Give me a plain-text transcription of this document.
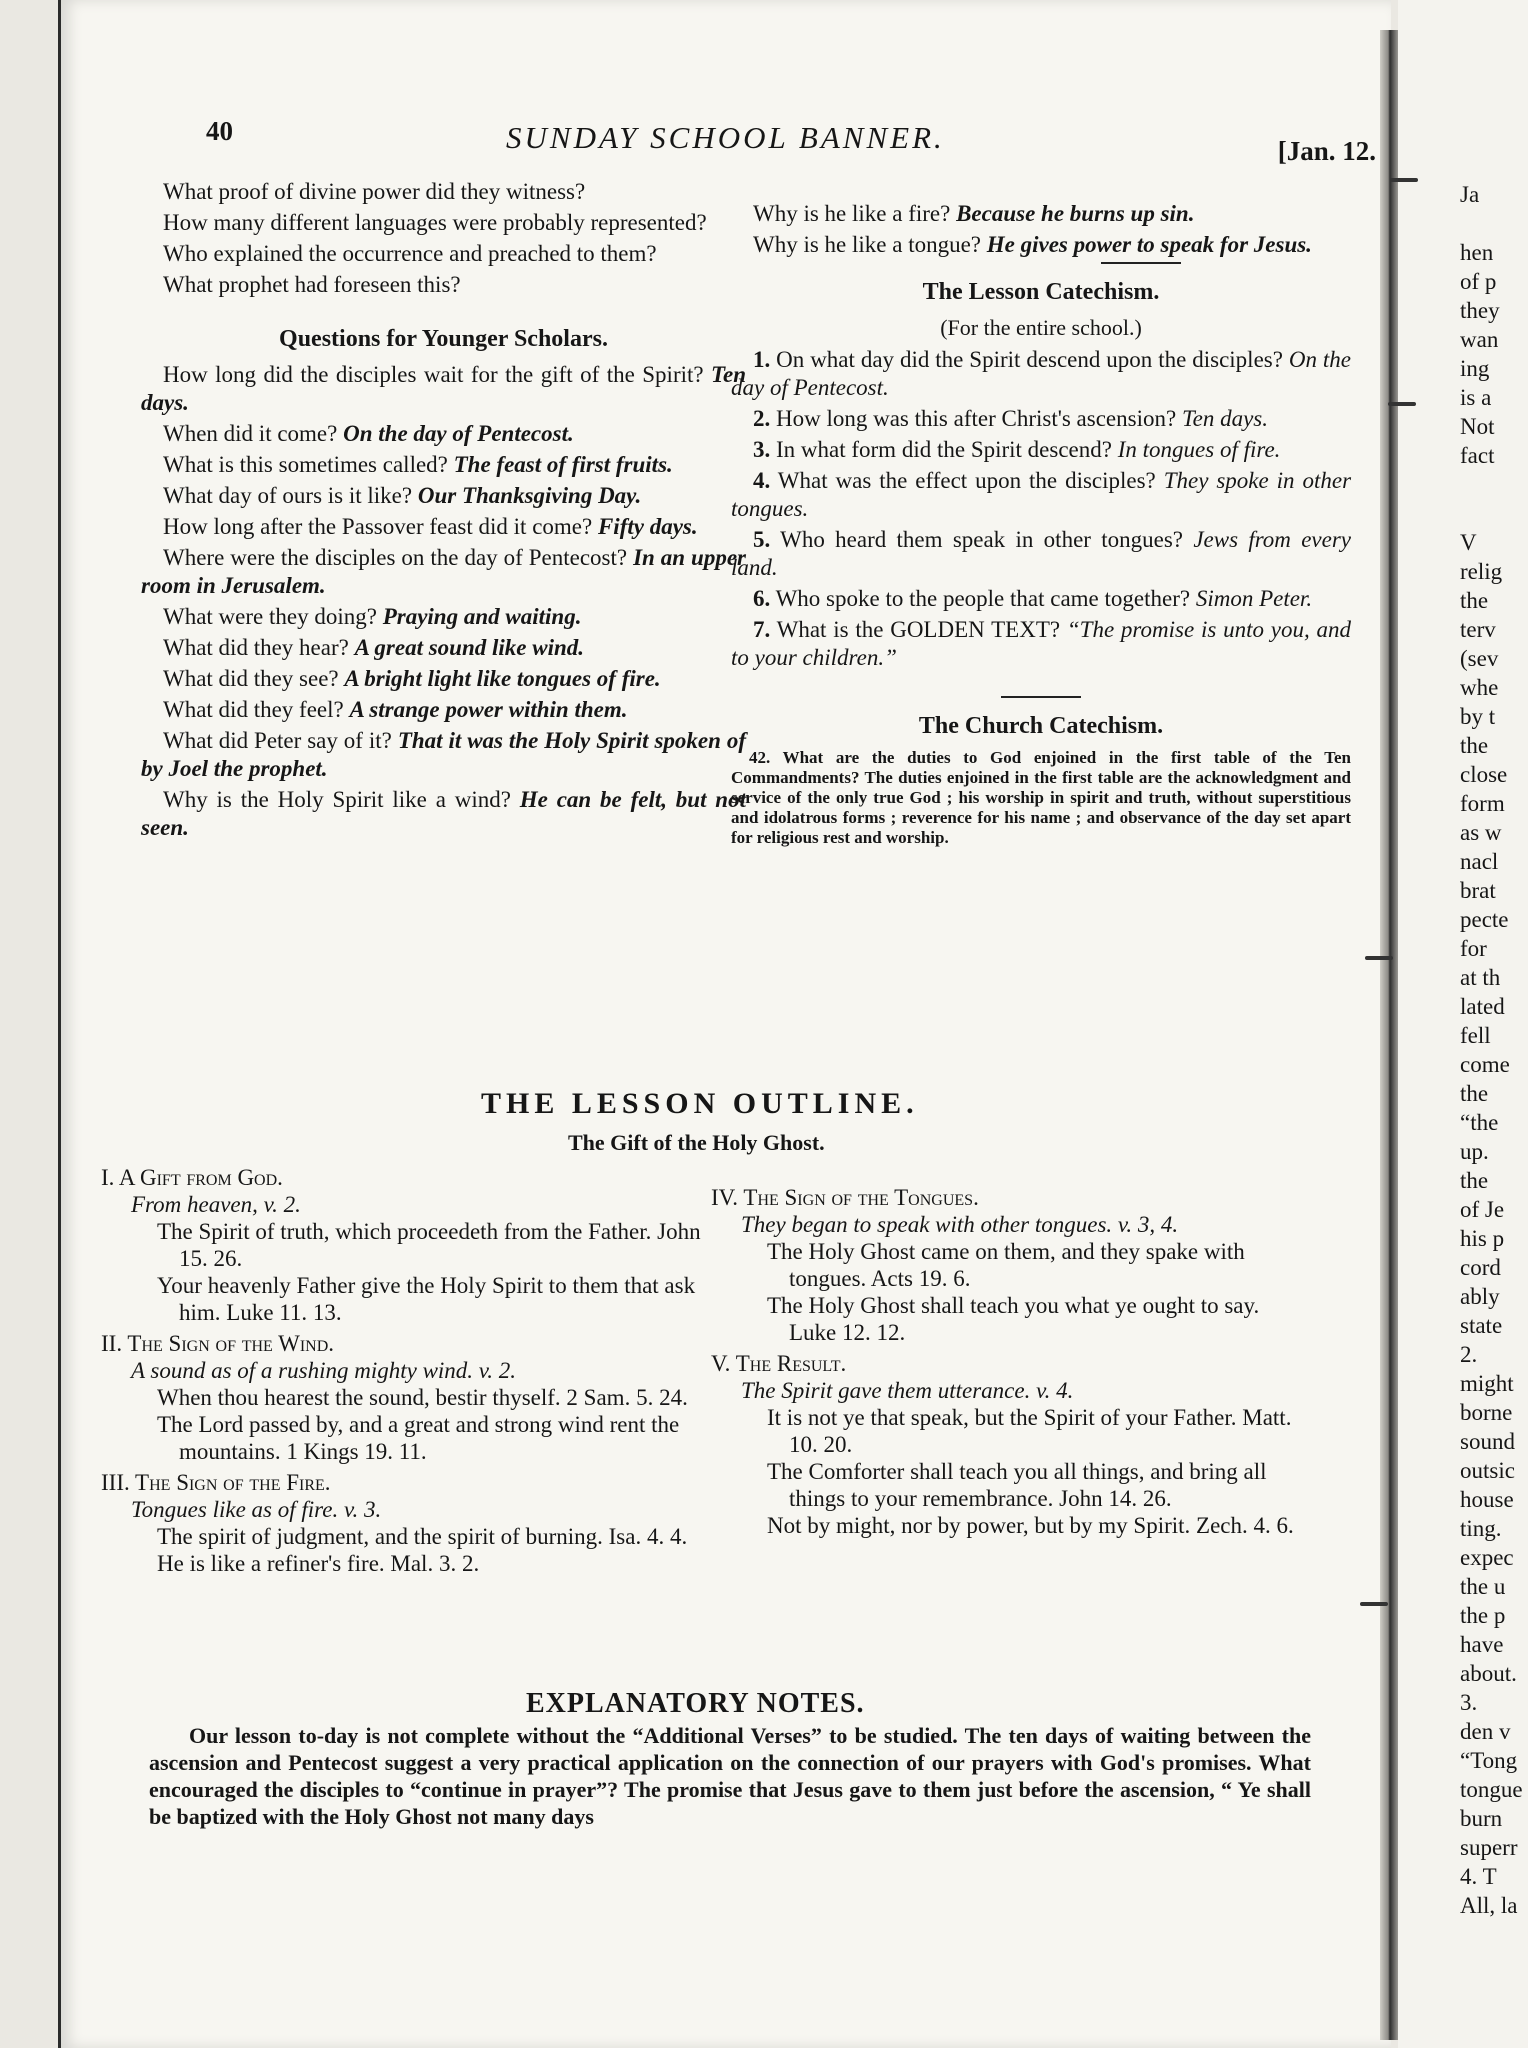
40	SUNDAY SCHOOL BANNER.	[Jan. 12.

What proof of divine power did they witness?

How many different languages were probably represented?

Who explained the occurrence and preached to them?

What prophet had foreseen this?

Questions for Younger Scholars.

How long did the disciples wait for the gift of the Spirit? Ten days.

When did it come? On the day of Pentecost.

What is this sometimes called? The feast of first fruits.

What day of ours is it like? Our Thanksgiving Day.

How long after the Passover feast did it come? Fifty days.

Where were the disciples on the day of Pentecost? In an upper room in Jerusalem.

What were they doing? Praying and waiting.

What did they hear? A great sound like wind.

What did they see? A bright light like tongues of fire.

What did they feel? A strange power within them.

What did Peter say of it? That it was the Holy Spirit spoken of by Joel the prophet.

Why is the Holy Spirit like a wind? He can be felt, but not seen.

Why is he like a fire? Because he burns up sin.

Why is he like a tongue? He gives power to speak for Jesus.

The Lesson Catechism.
(For the entire school.)

1. On what day did the Spirit descend upon the disciples? On the day of Pentecost.

2. How long was this after Christ's ascension? Ten days.

3. In what form did the Spirit descend? In tongues of fire.

4. What was the effect upon the disciples? They spoke in other tongues.

5. Who heard them speak in other tongues? Jews from every land.

6. Who spoke to the people that came together? Simon Peter.

7. What is the GOLDEN TEXT? “The promise is unto you, and to your children.”

The Church Catechism.
42. What are the duties to God enjoined in the first table of the Ten Commandments? The duties enjoined in the first table are the acknowledgment and service of the only true God ; his worship in spirit and truth, without superstitious and idolatrous forms ; reverence for his name ; and observance of the day set apart for religious rest and worship.
THE LESSON OUTLINE.
The Gift of the Holy Ghost.
I. A Gift from God.
From heaven, v. 2.
The Spirit of truth, which proceedeth from the Father. John 15. 26.
Your heavenly Father give the Holy Spirit to them that ask him. Luke 11. 13.
II. The Sign of the Wind.
A sound as of a rushing mighty wind. v. 2.
When thou hearest the sound, bestir thyself. 2 Sam. 5. 24.
The Lord passed by, and a great and strong wind rent the mountains. 1 Kings 19. 11.
III. The Sign of the Fire.
Tongues like as of fire. v. 3.
The spirit of judgment, and the spirit of burning. Isa. 4. 4.
He is like a refiner's fire. Mal. 3. 2.
IV. The Sign of the Tongues.
They began to speak with other tongues. v. 3, 4.
The Holy Ghost came on them, and they spake with tongues. Acts 19. 6.
The Holy Ghost shall teach you what ye ought to say. Luke 12. 12.
V. The Result.
The Spirit gave them utterance. v. 4.
It is not ye that speak, but the Spirit of your Father. Matt. 10. 20.
The Comforter shall teach you all things, and bring all things to your remembrance. John 14. 26.
Not by might, nor by power, but by my Spirit. Zech. 4. 6.
EXPLANATORY NOTES.
Our lesson to-day is not complete without the “Additional Verses” to be studied. The ten days of waiting between the ascension and Pentecost suggest a very practical application on the connection of our prayers with God's promises. What encouraged the disciples to “continue in prayer”? The promise that Jesus gave to them just before the ascension, “ Ye shall be baptized with the Holy Ghost not many days
Ja
hen
of p
they
wan
ing
is a
Not
fact
V
relig
the
terv
(sev
whe
by t
the
close
form
as w
nacl
brat
pecte
for
at th
lated
fell
come
the
“the
up.
the
of Je
his p
cord
ably
state
2.
might
borne
sound
outsic
house
ting.
expec
the u
the p
have
about.
3.
den v
“Tong
tongue
burn
superr
4. T
All, la
